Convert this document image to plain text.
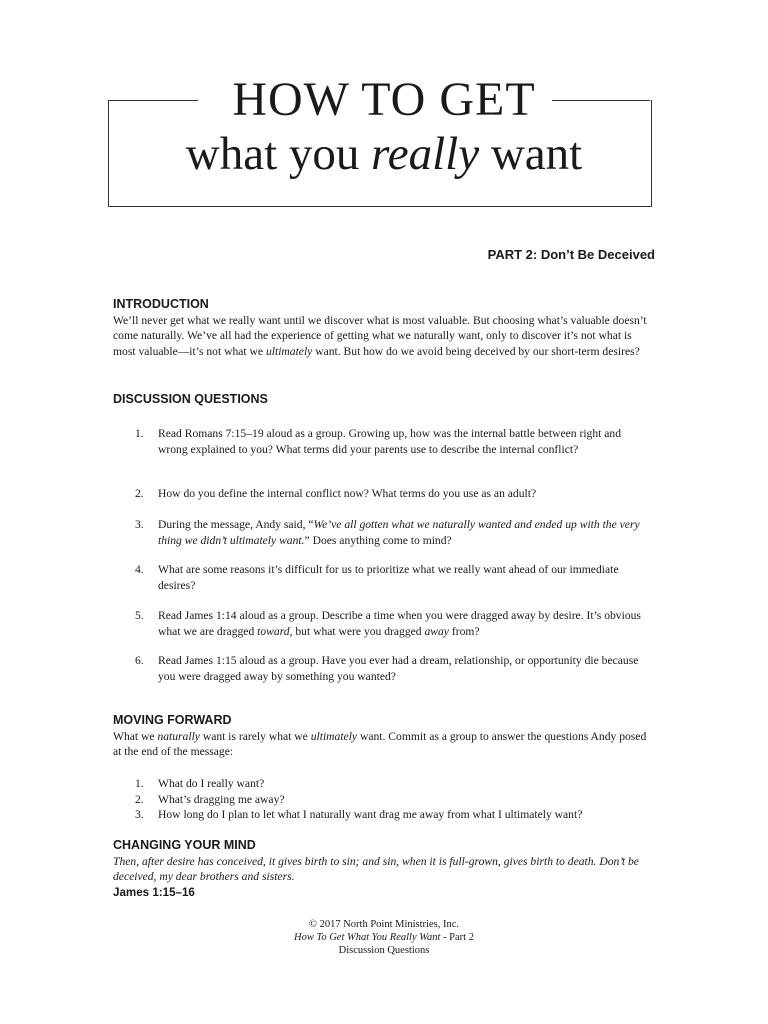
HOW TO GET
what you really want
PART 2: Don’t Be Deceived
INTRODUCTION

We’ll never get what we really want until we discover what is most valuable. But choosing what’s valuable doesn’t come naturally. We’ve all had the experience of getting what we naturally want, only to discover it’s not what is most valuable—it’s not what we ultimately want. But how do we avoid being deceived by our short-term desires?

DISCUSSION QUESTIONS
1. Read Romans 7:15–19 aloud as a group. Growing up, how was the internal battle between right and wrong explained to you? What terms did your parents use to describe the internal conflict?
2. How do you define the internal conflict now? What terms do you use as an adult?
3. During the message, Andy said, “We’ve all gotten what we naturally wanted and ended up with the very thing we didn’t ultimately want.” Does anything come to mind?
4. What are some reasons it’s difficult for us to prioritize what we really want ahead of our immediate desires?
5. Read James 1:14 aloud as a group. Describe a time when you were dragged away by desire. It’s obvious what we are dragged toward, but what were you dragged away from?
6. Read James 1:15 aloud as a group. Have you ever had a dream, relationship, or opportunity die because you were dragged away by something you wanted?
MOVING FORWARD

What we naturally want is rarely what we ultimately want. Commit as a group to answer the questions Andy posed at the end of the message:

1. What do I really want?
2. What’s dragging me away?
3. How long do I plan to let what I naturally want drag me away from what I ultimately want?
CHANGING YOUR MIND

Then, after desire has conceived, it gives birth to sin; and sin, when it is full-grown, gives birth to death. Don’t be deceived, my dear brothers and sisters.

James 1:15–16

© 2017 North Point Ministries, Inc.
How To Get What You Really Want - Part 2
Discussion Questions
